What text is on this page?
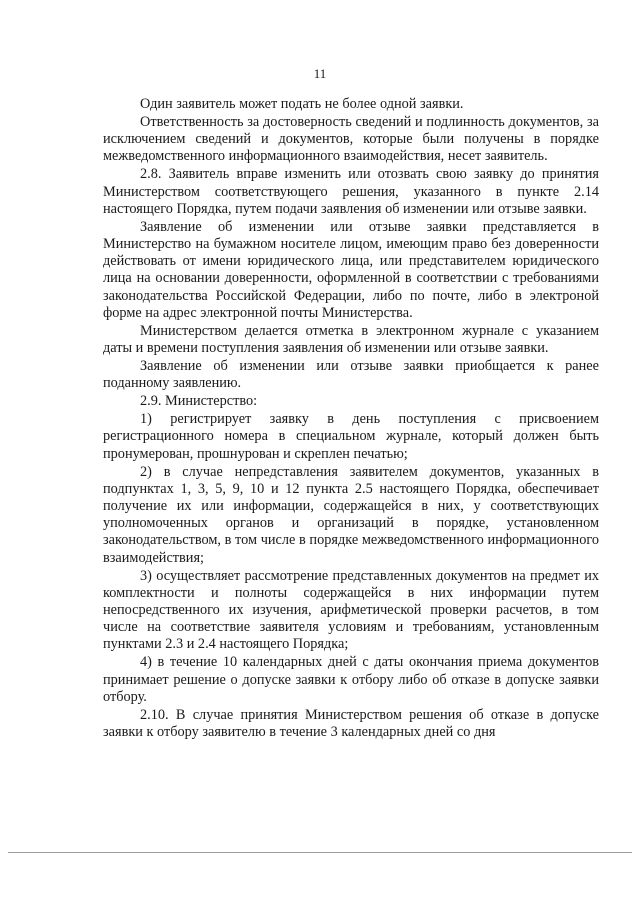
11

Один заявитель может подать не более одной заявки.

Ответственность за достоверность сведений и подлинность документов, за исключением сведений и документов, которые были получены в порядке межведомственного информационного взаимодействия, несет заявитель.

2.8. Заявитель вправе изменить или отозвать свою заявку до принятия Министерством соответствующего решения, указанного в пункте 2.14 настоящего Порядка, путем подачи заявления об изменении или отзыве заявки.

Заявление об изменении или отзыве заявки представляется в Министерство на бумажном носителе лицом, имеющим право без доверенности действовать от имени юридического лица, или представителем юридического лица на основании доверенности, оформленной в соответствии с требованиями законодательства Российской Федерации, либо по почте, либо в электроной форме на адрес электронной почты Министерства.

Министерством делается отметка в электронном журнале с указанием даты и времени поступления заявления об изменении или отзыве заявки.

Заявление об изменении или отзыве заявки приобщается к ранее поданному заявлению.

2.9. Министерство:

1) регистрирует заявку в день поступления с присвоением регистрационного номера в специальном журнале, который должен быть пронумерован, прошнурован и скреплен печатью;

2) в случае непредставления заявителем документов, указанных в подпунктах 1, 3, 5, 9, 10 и 12 пункта 2.5 настоящего Порядка, обеспечивает получение их или информации, содержащейся в них, у соответствующих уполномоченных органов и организаций в порядке, установленном законодательством, в том числе в порядке межведомственного информационного взаимодействия;

3) осуществляет рассмотрение представленных документов на предмет их комплектности и полноты содержащейся в них информации путем непосредственного их изучения, арифметической проверки расчетов, в том числе на соответствие заявителя условиям и требованиям, установленным пунктами 2.3 и 2.4 настоящего Порядка;

4) в течение 10 календарных дней с даты окончания приема документов принимает решение о допуске заявки к отбору либо об отказе в допуске заявки отбору.

2.10. В случае принятия Министерством решения об отказе в допуске заявки к отбору заявителю в течение 3 календарных дней со дня
